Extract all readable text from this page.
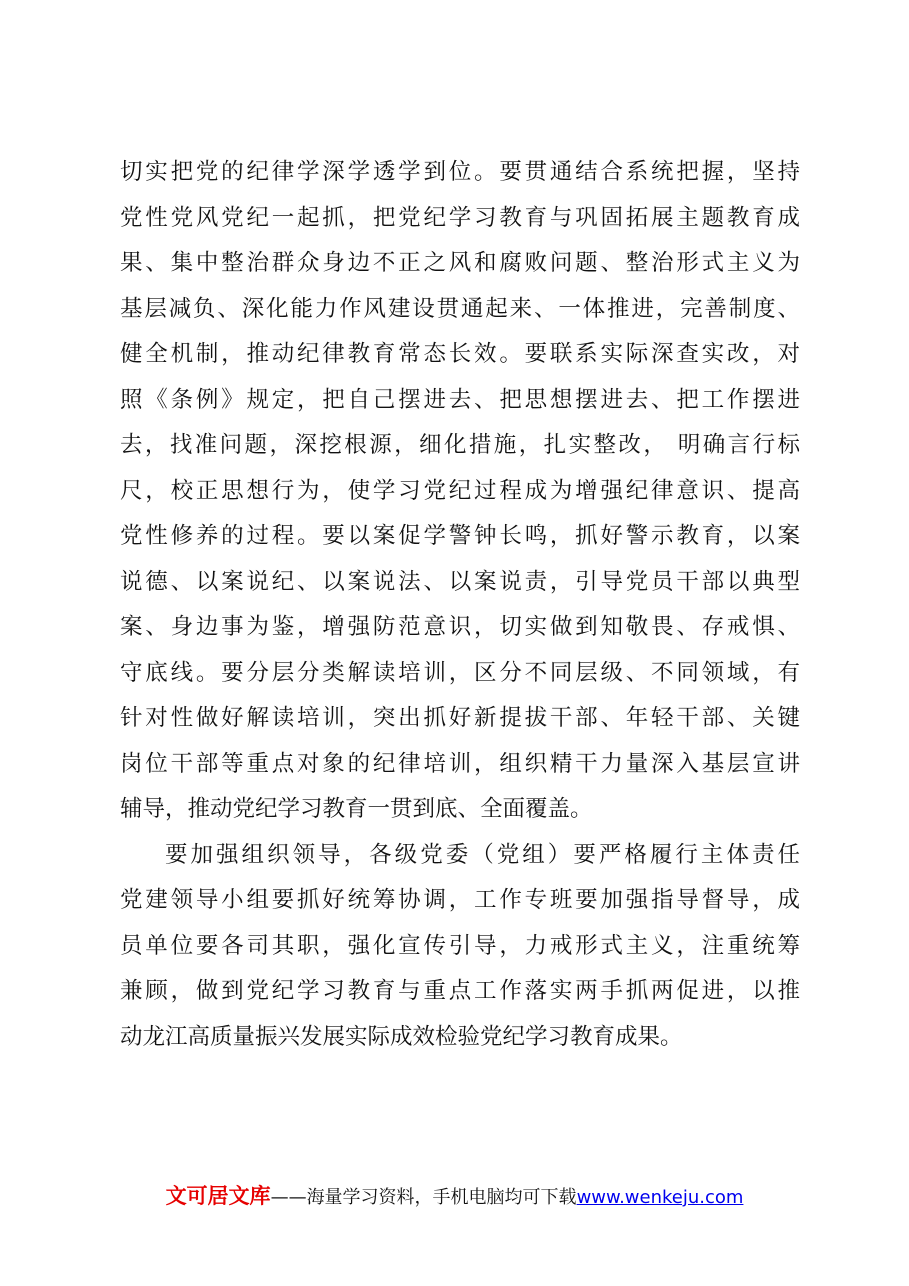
切实把党的纪律学深学透学到位。要贯通结合系统把握，坚持
党性党风党纪一起抓，把党纪学习教育与巩固拓展主题教育成
果、集中整治群众身边不正之风和腐败问题、整治形式主义为
基层减负、深化能力作风建设贯通起来、一体推进，完善制度、
健全机制，推动纪律教育常态长效。要联系实际深查实改，对
照《条例》规定，把自己摆进去、把思想摆进去、把工作摆进
去，找准问题，深挖根源，细化措施，扎实整改， 明确言行标
尺，校正思想行为，使学习党纪过程成为增强纪律意识、提高
党性修养的过程。要以案促学警钟长鸣，抓好警示教育，以案
说德、以案说纪、以案说法、以案说责，引导党员干部以典型
案、身边事为鉴，增强防范意识，切实做到知敬畏、存戒惧、
守底线。要分层分类解读培训，区分不同层级、不同领域，有
针对性做好解读培训，突出抓好新提拔干部、年轻干部、关键
岗位干部等重点对象的纪律培训，组织精干力量深入基层宣讲
辅导，推动党纪学习教育一贯到底、全面覆盖。
要加强组织领导，各级党委（党组）要严格履行主体责任
党建领导小组要抓好统筹协调，工作专班要加强指导督导，成
员单位要各司其职，强化宣传引导，力戒形式主义，注重统筹
兼顾，做到党纪学习教育与重点工作落实两手抓两促进，以推
动龙江高质量振兴发展实际成效检验党纪学习教育成果。
文可居文库——海量学习资料，手机电脑均可下载www.wenkeju.com
